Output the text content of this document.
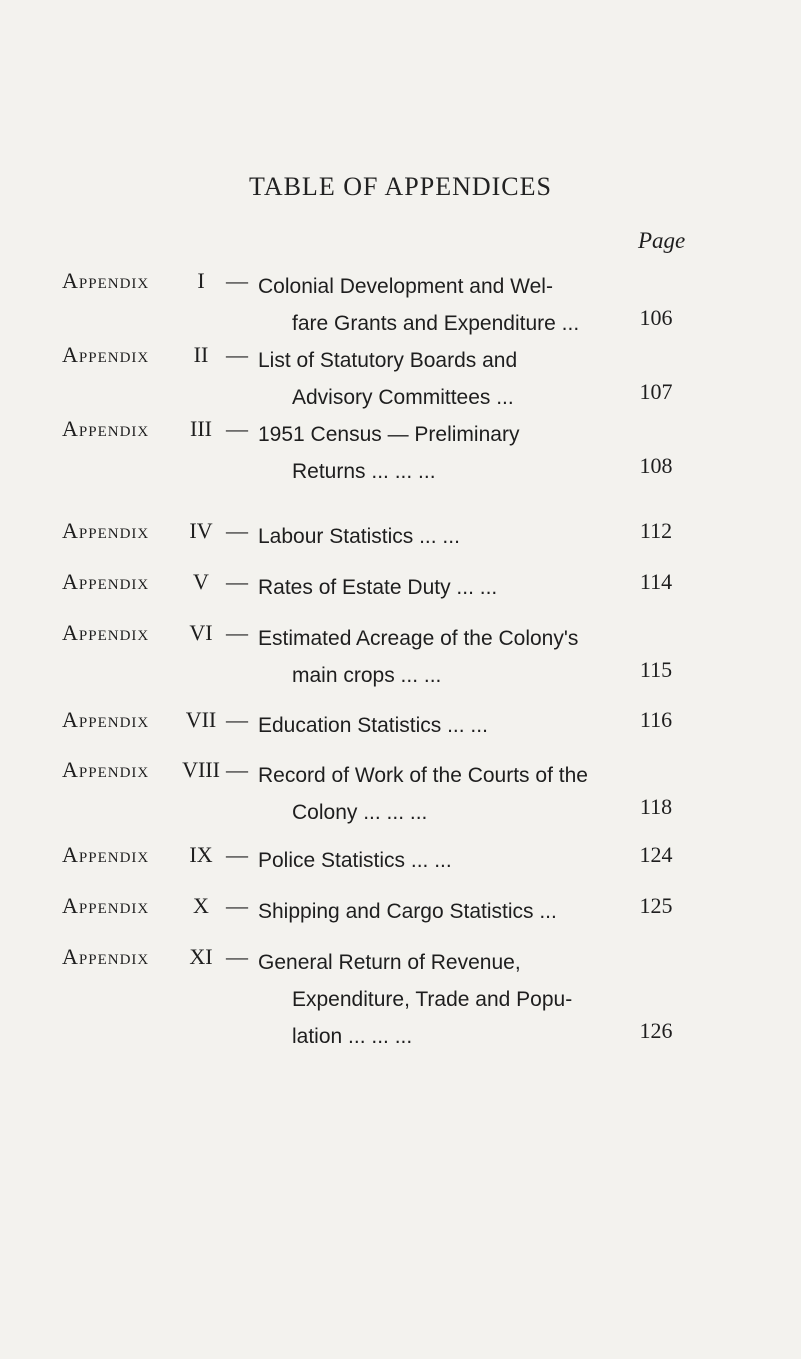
TABLE OF APPENDICES
Page
Appendix	I — Colonial Development and Wel-
fare Grants and Expenditure ...	106
Appendix	II — List of Statutory Boards and
Advisory Committees ...	107
Appendix	III — 1951 Census — Preliminary
Returns ... ... ...	108
Appendix	IV — Labour Statistics ... ...	112
Appendix	V — Rates of Estate Duty ... ...	114
Appendix	VI — Estimated Acreage of the Colony's
main crops ... ...	115
Appendix	VII — Education Statistics ... ...	116
Appendix VIII — Record of Work of the Courts of the
Colony ... ... ...	118
Appendix	IX — Police Statistics ... ...	124
Appendix	X — Shipping and Cargo Statistics ...	125
Appendix	XI — General Return of Revenue,
Expenditure, Trade and Popu-
lation ... ... ...	126
